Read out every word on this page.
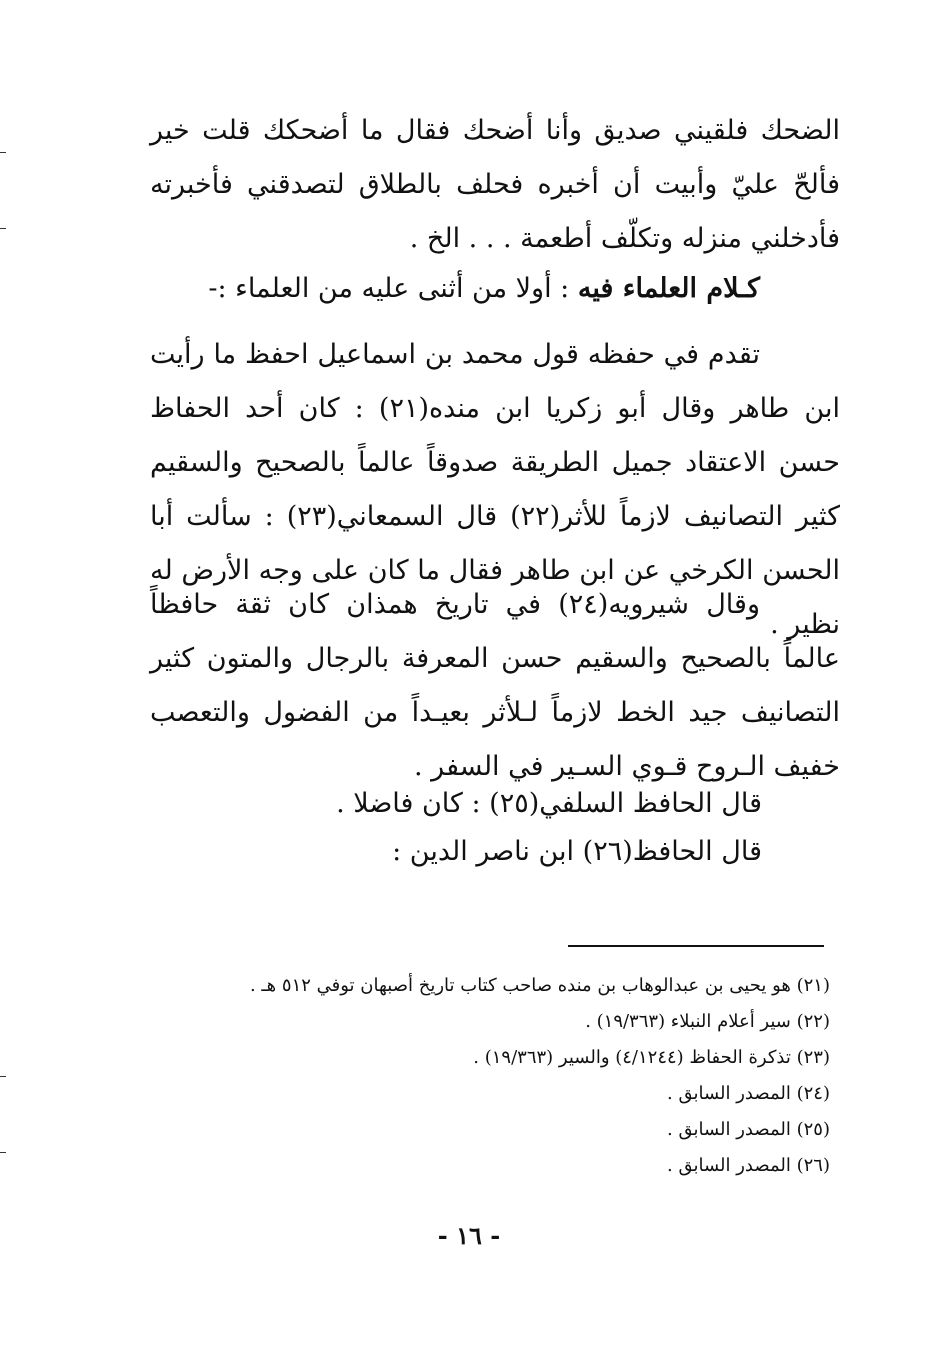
الضحك فلقيني صديق وأنا أضحك فقال ما أضحكك قلت خير فألحّ عليّ وأبيت أن أخبره فحلف بالطلاق لتصدقني فأخبرته فأدخلني منزله وتكلّف أطعمة . . . الخ .
كـلام العلماء فيه : أولا من أثنى عليه من العلماء :-
تقدم في حفظه قول محمد بن اسماعيل احفظ ما رأيت ابن طاهر وقال أبو زكريا ابن منده(٢١) : كان أحد الحفاظ حسن الاعتقاد جميل الطريقة صدوقاً عالماً بالصحيح والسقيم كثير التصانيف لازماً للأثر(٢٢) قال السمعاني(٢٣) : سألت أبا الحسن الكرخي عن ابن طاهر فقال ما كان على وجه الأرض له نظير .
وقال شيرويه(٢٤) في تاريخ همذان كان ثقة حافظاً عالماً بالصحيح والسقيم حسن المعرفة بالرجال والمتون كثير التصانيف جيد الخط لازماً لـلأثر بعيـداً من الفضول والتعصب خفيف الـروح قـوي السـير في السفر .
قال الحافظ السلفي(٢٥) : كان فاضلا .
قال الحافظ(٢٦) ابن ناصر الدين :
(٢١) هو يحيى بن عبدالوهاب بن منده صاحب كتاب تاريخ أصبهان توفي ٥١٢ هـ .
(٢٢) سير أعلام النبلاء (١٩/٣٦٣) .
(٢٣) تذكرة الحفاظ (٤/١٢٤٤) والسير (١٩/٣٦٣) .
(٢٤) المصدر السابق .
(٢٥) المصدر السابق .
(٢٦) المصدر السابق .
- ١٦ -
